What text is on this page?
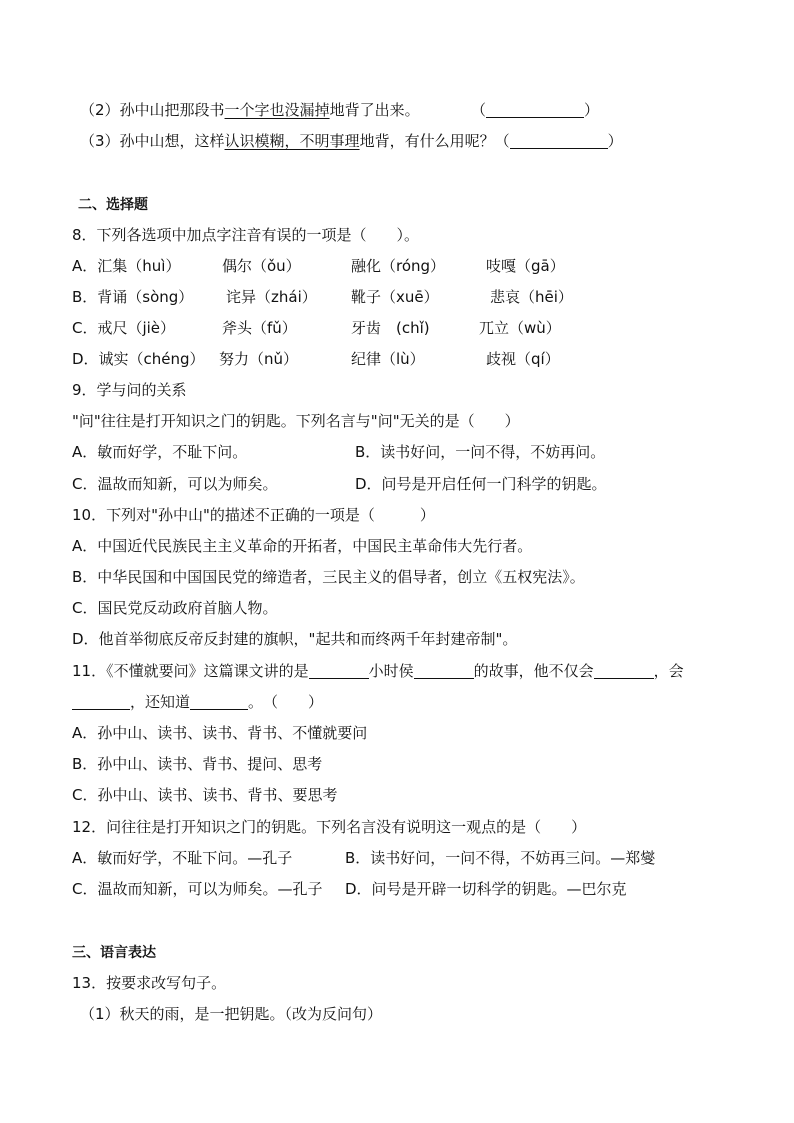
（2）孙中山把那段书一个字也没漏掉地背了出来。	（	）
（3）孙中山想，这样认识模糊，不明事理地背，有什么用呢？（	）
二、选择题
8．下列各选项中加点字注音有误的一项是（　　）。
A．汇集（huì）	偶尔（ǒu）	融化（róng）	吱嘎（gā）
B．背诵（sòng） 诧异（zhái） 靴子（xuē）	悲哀（hēi）
C．戒尺（jiè）	斧头（fǔ）	牙齿　(chǐ)	兀立（wù）
D．诚实（chéng） 努力（nǔ）	纪律（lù）	歧视（qí）
9．学与问的关系
"问"往往是打开知识之门的钥匙。下列名言与"问"无关的是（　　）
A．敏而好学，不耻下问。	B．读书好问，一问不得，不妨再问。
C．温故而知新，可以为师矣。	D．问号是开启任何一门科学的钥匙。
10．下列对"孙中山"的描述不正确的一项是（　　　）
A．中国近代民族民主主义革命的开拓者，中国民主革命伟大先行者。
B．中华民国和中国国民党的缔造者，三民主义的倡导者，创立《五权宪法》。
C．国民党反动政府首脑人物。
D．他首举彻底反帝反封建的旗帜，"起共和而终两千年封建帝制"。
11．《不懂就要问》这篇课文讲的是	小时侯	的故事，他不仅会	，会
，还知道	。　（　　）
A．孙中山、读书、读书、背书、不懂就要问
B．孙中山、读书、背书、提问、思考
C．孙中山、读书、读书、背书、要思考
12．问往往是打开知识之门的钥匙。下列名言没有说明这一观点的是（　　）
A．敏而好学，不耻下问。—孔子	B．读书好问，一问不得，不妨再三问。—郑燮
C．温故而知新，可以为师矣。—孔子 D．问号是开辟一切科学的钥匙。—巴尔克
三、语言表达
13．按要求改写句子。
（1）秋天的雨，是一把钥匙。（改为反问句）
